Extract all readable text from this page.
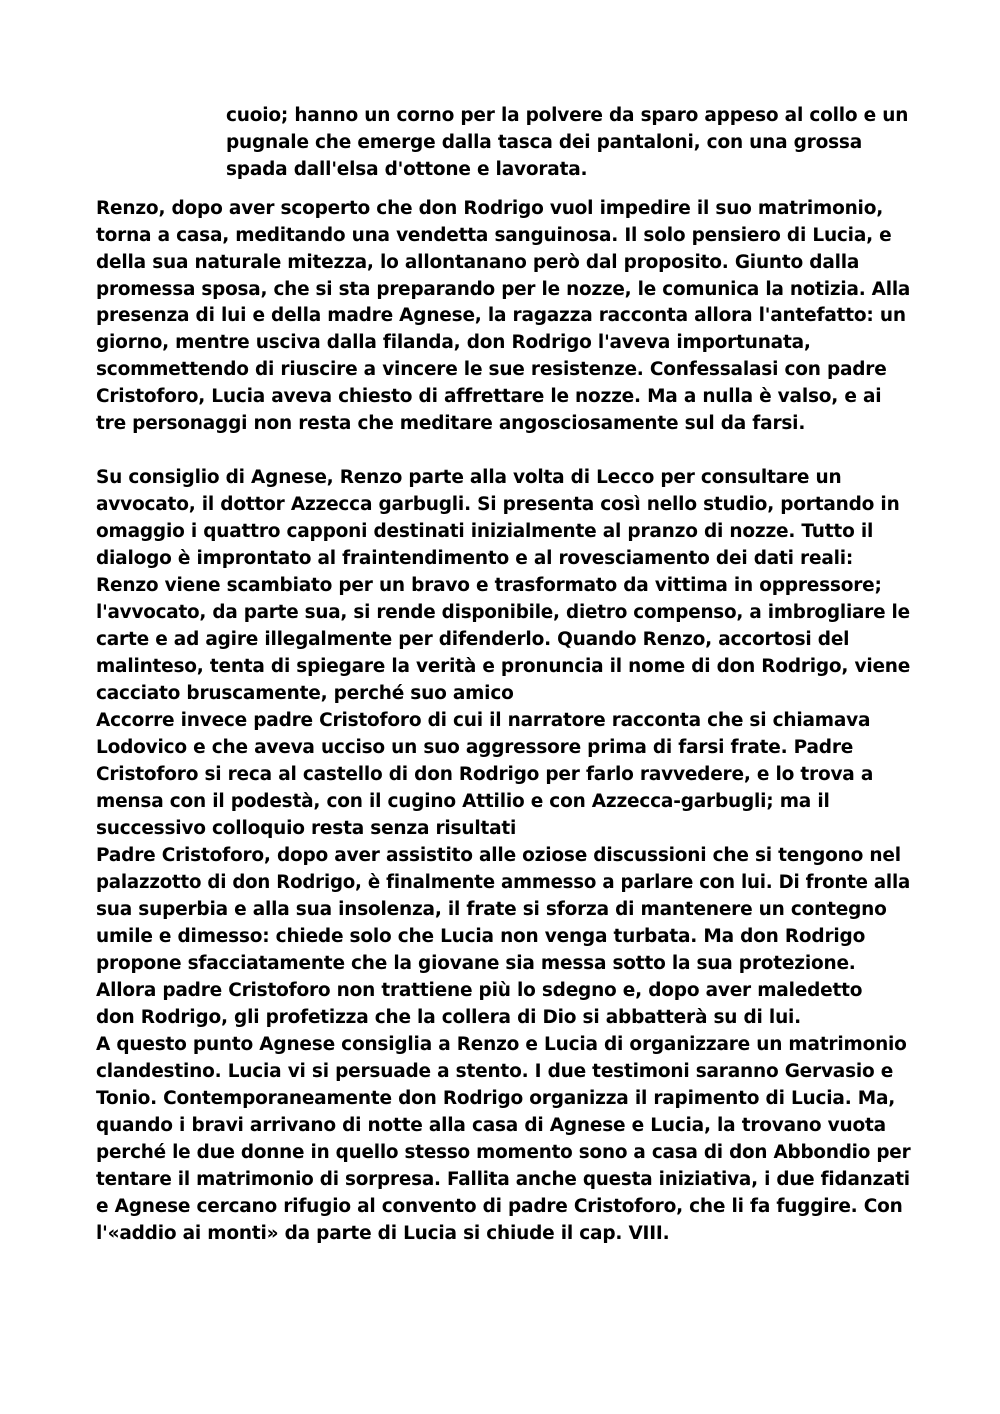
cuoio; hanno un corno per la polvere da sparo appeso al collo e un

pugnale che emerge dalla tasca dei pantaloni, con una grossa

spada dall'elsa d'ottone e lavorata.

Renzo, dopo aver scoperto che don Rodrigo vuol impedire il suo matrimonio,

torna a casa, meditando una vendetta sanguinosa. Il solo pensiero di Lucia, e

della sua naturale mitezza, lo allontanano però dal proposito. Giunto dalla

promessa sposa, che si sta preparando per le nozze, le comunica la notizia. Alla

presenza di lui e della madre Agnese, la ragazza racconta allora l'antefatto: un

giorno, mentre usciva dalla filanda, don Rodrigo l'aveva importunata,

scommettendo di riuscire a vincere le sue resistenze. Confessalasi con padre

Cristoforo, Lucia aveva chiesto di affrettare le nozze. Ma a nulla è valso, e ai

tre personaggi non resta che meditare angosciosamente sul da farsi.

Su consiglio di Agnese, Renzo parte alla volta di Lecco per consultare un

avvocato, il dottor Azzecca garbugli. Si presenta così nello studio, portando in

omaggio i quattro capponi destinati inizialmente al pranzo di nozze. Tutto il

dialogo è improntato al fraintendimento e al rovesciamento dei dati reali:

Renzo viene scambiato per un bravo e trasformato da vittima in oppressore;

l'avvocato, da parte sua, si rende disponibile, dietro compenso, a imbrogliare le

carte e ad agire illegalmente per difenderlo. Quando Renzo, accortosi del

malinteso, tenta di spiegare la verità e pronuncia il nome di don Rodrigo, viene

cacciato bruscamente, perché suo amico

Accorre invece padre Cristoforo di cui il narratore racconta che si chiamava

Lodovico e che aveva ucciso un suo aggressore prima di farsi frate. Padre

Cristoforo si reca al castello di don Rodrigo per farlo ravvedere, e lo trova a

mensa con il podestà, con il cugino Attilio e con Azzecca-garbugli; ma il

successivo colloquio resta senza risultati

Padre Cristoforo, dopo aver assistito alle oziose discussioni che si tengono nel

palazzotto di don Rodrigo, è finalmente ammesso a parlare con lui. Di fronte alla

sua superbia e alla sua insolenza, il frate si sforza di mantenere un contegno

umile e dimesso: chiede solo che Lucia non venga turbata. Ma don Rodrigo

propone sfacciatamente che la giovane sia messa sotto la sua protezione.

Allora padre Cristoforo non trattiene più lo sdegno e, dopo aver maledetto

don Rodrigo, gli profetizza che la collera di Dio si abbatterà su di lui.

A questo punto Agnese consiglia a Renzo e Lucia di organizzare un matrimonio

clandestino. Lucia vi si persuade a stento. I due testimoni saranno Gervasio e

Tonio. Contemporaneamente don Rodrigo organizza il rapimento di Lucia. Ma,

quando i bravi arrivano di notte alla casa di Agnese e Lucia, la trovano vuota

perché le due donne in quello stesso momento sono a casa di don Abbondio per

tentare il matrimonio di sorpresa. Fallita anche questa iniziativa, i due fidanzati

e Agnese cercano rifugio al convento di padre Cristoforo, che li fa fuggire. Con

l'«addio ai monti» da parte di Lucia si chiude il cap. VIII.
